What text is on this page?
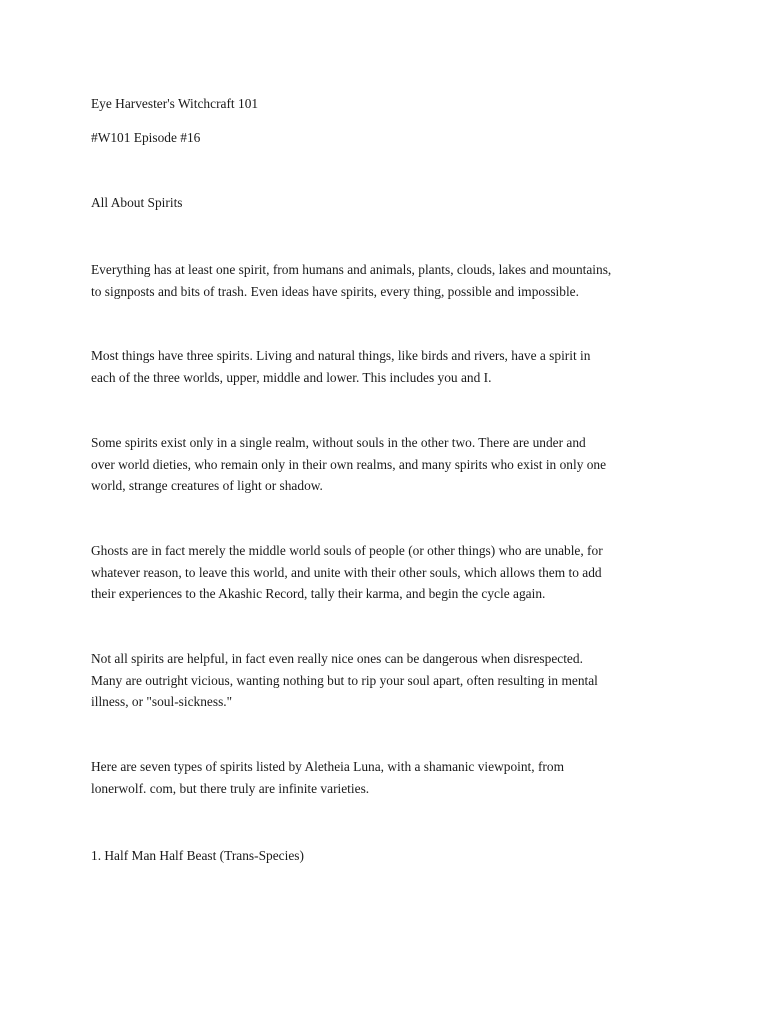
Eye Harvester's Witchcraft 101

#W101 Episode #16

All About Spirits

Everything has at least one spirit, from humans and animals, plants, clouds, lakes and mountains,
to signposts and bits of trash. Even ideas have spirits, every thing, possible and impossible.
Most things have three spirits. Living and natural things, like birds and rivers, have a spirit in
each of the three worlds, upper, middle and lower. This includes you and I.
Some spirits exist only in a single realm, without souls in the other two. There are under and
over world dieties, who remain only in their own realms, and many spirits who exist in only one
world, strange creatures of light or shadow.
Ghosts are in fact merely the middle world souls of people (or other things) who are unable, for
whatever reason, to leave this world, and unite with their other souls, which allows them to add
their experiences to the Akashic Record, tally their karma, and begin the cycle again.
Not all spirits are helpful, in fact even really nice ones can be dangerous when disrespected.
Many are outright vicious, wanting nothing but to rip your soul apart, often resulting in mental
illness, or "soul-sickness."
Here are seven types of spirits listed by Aletheia Luna, with a shamanic viewpoint, from
lonerwolf. com, but there truly are infinite varieties.

1. Half Man Half Beast (Trans-Species)
